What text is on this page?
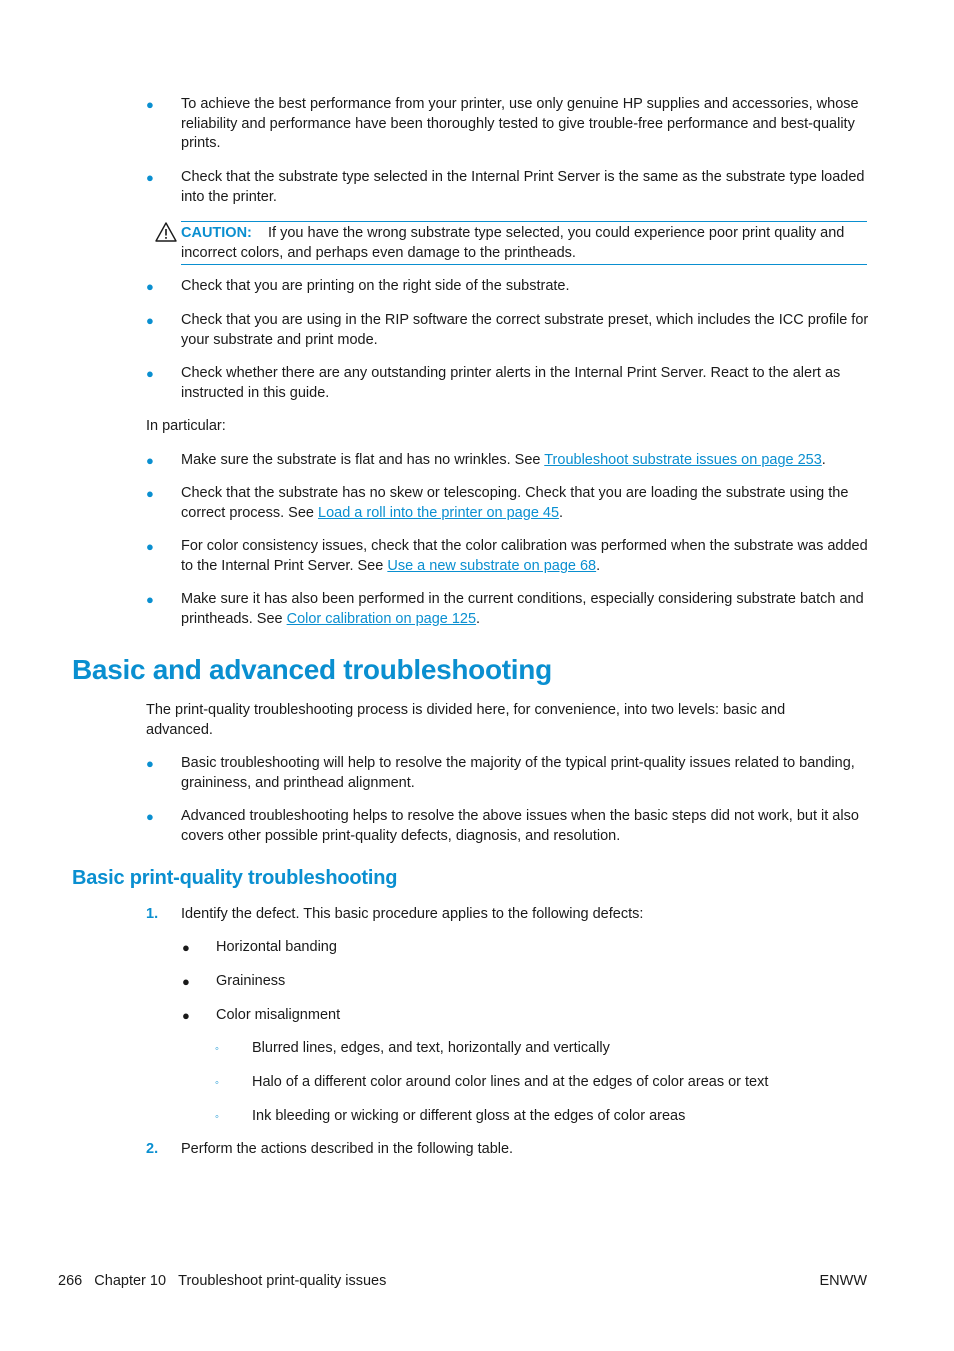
●	To achieve the best performance from your printer, use only genuine HP supplies and accessories, whose reliability and performance have been thoroughly tested to give trouble-free performance and best-quality prints.
●	Check that the substrate type selected in the Internal Print Server is the same as the substrate type loaded into the printer.
CAUTION: If you have the wrong substrate type selected, you could experience poor print quality and incorrect colors, and perhaps even damage to the printheads.
●	Check that you are printing on the right side of the substrate.
●	Check that you are using in the RIP software the correct substrate preset, which includes the ICC profile for your substrate and print mode.
●	Check whether there are any outstanding printer alerts in the Internal Print Server. React to the alert as instructed in this guide.
In particular:
●	Make sure the substrate is flat and has no wrinkles. See Troubleshoot substrate issues on page 253.
●	Check that the substrate has no skew or telescoping. Check that you are loading the substrate using the correct process. See Load a roll into the printer on page 45.
●	For color consistency issues, check that the color calibration was performed when the substrate was added to the Internal Print Server. See Use a new substrate on page 68.
●	Make sure it has also been performed in the current conditions, especially considering substrate batch and printheads. See Color calibration on page 125.
Basic and advanced troubleshooting
The print-quality troubleshooting process is divided here, for convenience, into two levels: basic and advanced.
●	Basic troubleshooting will help to resolve the majority of the typical print-quality issues related to banding, graininess, and printhead alignment.
●	Advanced troubleshooting helps to resolve the above issues when the basic steps did not work, but it also covers other possible print-quality defects, diagnosis, and resolution.
Basic print-quality troubleshooting
1. Identify the defect. This basic procedure applies to the following defects:
● Horizontal banding
● Graininess
● Color misalignment
◦ Blurred lines, edges, and text, horizontally and vertically
◦ Halo of a different color around color lines and at the edges of color areas or text
◦ Ink bleeding or wicking or different gloss at the edges of color areas
2. Perform the actions described in the following table.
266 Chapter 10 Troubleshoot print-quality issues	ENWW
